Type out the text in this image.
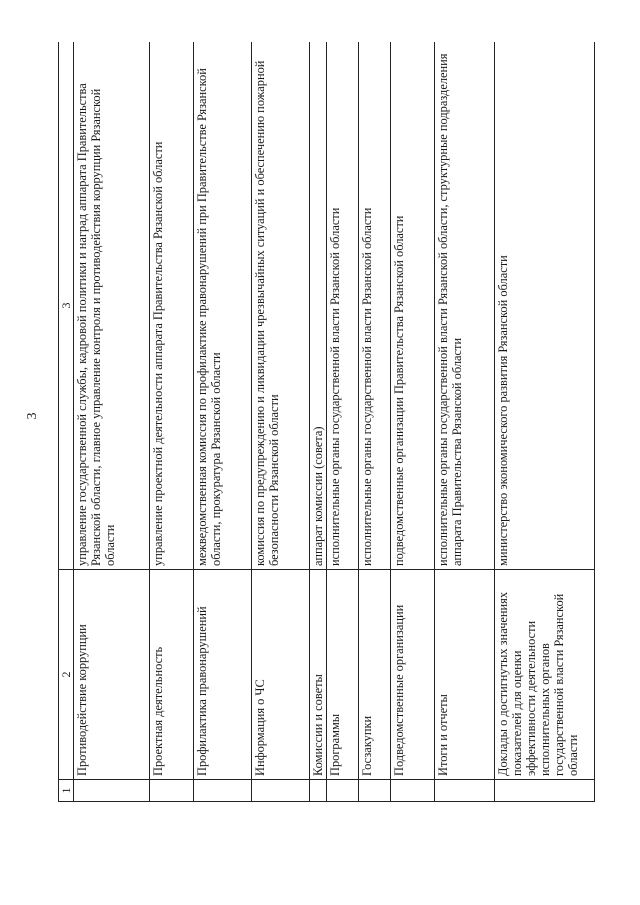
3
1	2	3
	Противодействие коррупции	управление государственной службы, кадровой политики и наград аппарата Правительства Рязанской области, главное управление контроля и противодействия коррупции Рязанской области
	Проектная деятельность	управление проектной деятельности аппарата Правительства Рязанской области
	Профилактика правонарушений	межведомственная комиссия по профилактике правонарушений при Правительстве Рязанской области, прокуратура Рязанской области
	Информация о ЧС	комиссия по предупреждению и ликвидации чрезвычайных ситуаций и обеспечению пожарной безопасности Рязанской области
	Комиссии и советы	аппарат комиссии (совета)
	Программы	исполнительные органы государственной власти Рязанской области
	Госзакупки	исполнительные органы государственной власти Рязанской области
	Подведомственные организации	подведомственные организации Правительства Рязанской области
	Итоги и отчеты	исполнительные органы государственной власти Рязанской области, структурные подразделения аппарата Правительства Рязанской области
	Доклады о достигнутых значениях показателей для оценки эффективности деятельности исполнительных органов государственной власти Рязанской области	министерство экономического развития Рязанской области
